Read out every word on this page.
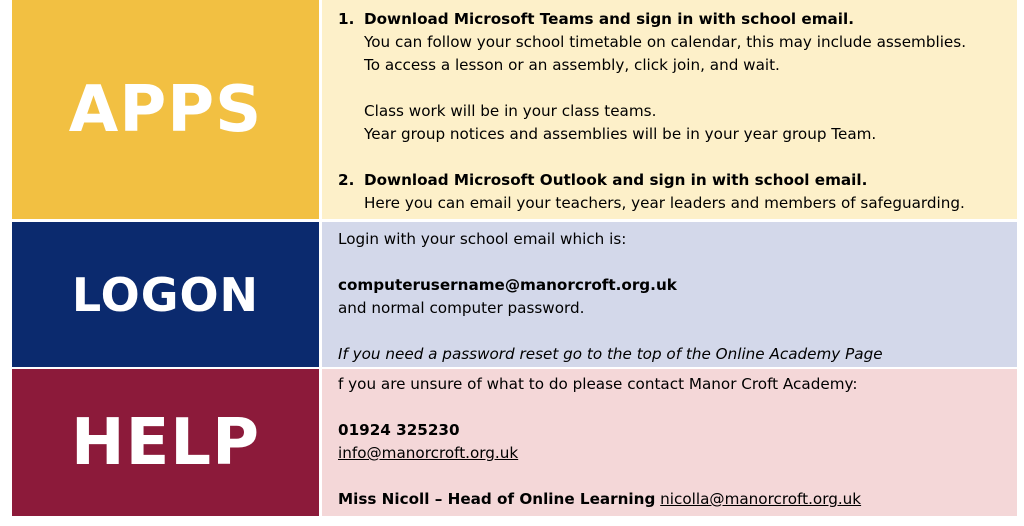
APPS
1. Download Microsoft Teams and sign in with school email.
You can follow your school timetable on calendar, this may include assemblies.
To access a lesson or an assembly, click join, and wait.
Class work will be in your class teams.
Year group notices and assemblies will be in your year group Team.
2. Download Microsoft Outlook and sign in with school email.
Here you can email your teachers, year leaders and members of safeguarding.
LOGON
Login with your school email which is:
computerusername@manorcroft.org.uk
and normal computer password.
If you need a password reset go to the top of the Online Academy Page
HELP
f you are unsure of what to do please contact Manor Croft Academy:
01924 325230
info@manorcroft.org.uk
Miss Nicoll – Head of Online Learning nicolla@manorcroft.org.uk
